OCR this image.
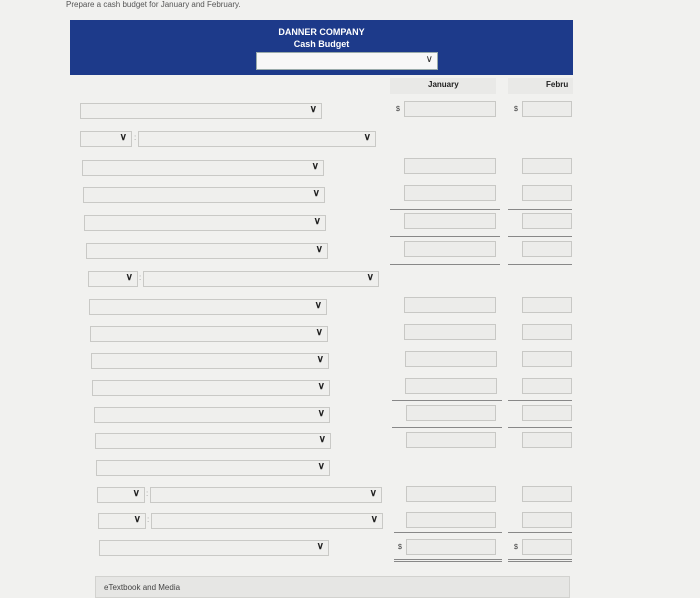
Prepare a cash budget for January and February.
DANNER COMPANY
Cash Budget
∨
January	Febru
∨	$	$
∨ :	∨
∨
∨
∨
∨
∨ :	∨
∨
∨
∨
∨
∨
∨
∨
∨ :	∨
∨ :	∨
∨	$	$
eTextbook and Media
